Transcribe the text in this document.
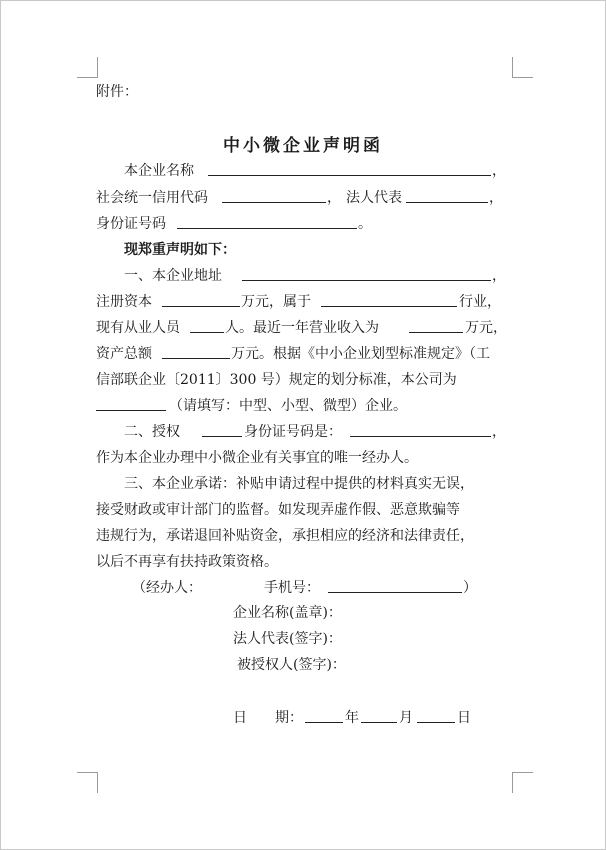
附件：
中小微企业声明函
本企业名称	，
社会统一信用代码	， 法人代表	，
身份证号码	。
现郑重声明如下：
一、本企业地址	，
注册资本	万元，属于	行业，
现有从业人员	人。最近一年营业收入为	万元，
资产总额	万元。根据《中小企业划型标准规定》（工
信部联企业〔2011〕300 号）规定的划分标准，本公司为
（请填写：中型、小型、微型）企业。
二、授权	身份证号码是：	，
作为本企业办理中小微企业有关事宜的唯一经办人。
三、本企业承诺：补贴申请过程中提供的材料真实无误，
接受财政或审计部门的监督。如发现弄虚作假、恶意欺骗等
违规行为，承诺退回补贴资金，承担相应的经济和法律责任，
以后不再享有扶持政策资格。
（经办人：	手机号：	）
企业名称(盖章)：
法人代表(签字)：
被授权人(签字)：
日　　期：	年	月	日
